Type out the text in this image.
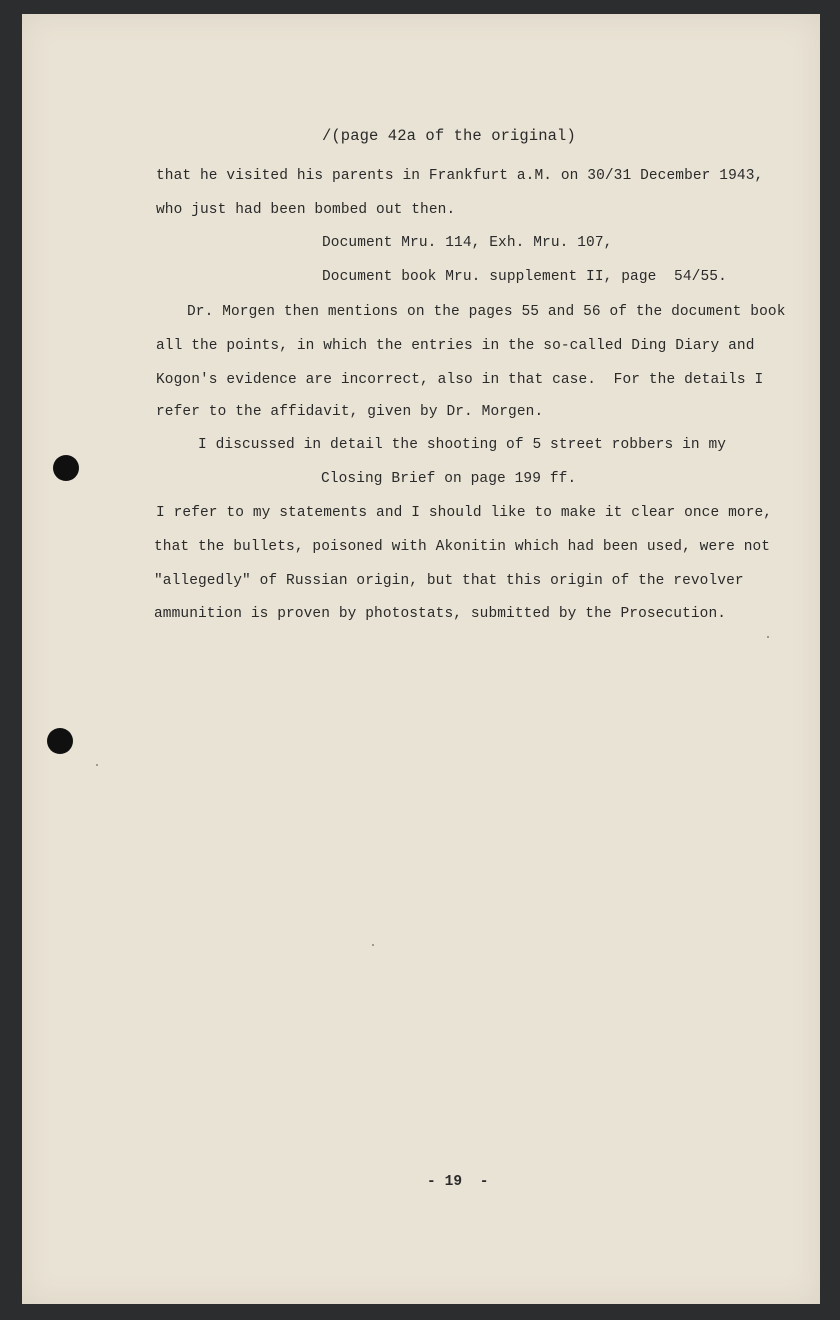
/(page 42a of the original)
that he visited his parents in Frankfurt a.M. on 30/31 December 1943,
who just had been bombed out then.
Document Mru. 114, Exh. Mru. 107,
Document book Mru. supplement II, page  54/55.
Dr. Morgen then mentions on the pages 55 and 56 of the document book
all the points, in which the entries in the so-called Ding Diary and
Kogon's evidence are incorrect, also in that case.  For the details I
refer to the affidavit, given by Dr. Morgen.
I discussed in detail the shooting of 5 street robbers in my
Closing Brief on page 199 ff.
I refer to my statements and I should like to make it clear once more,
that the bullets, poisoned with Akonitin which had been used, were not
"allegedly" of Russian origin, but that this origin of the revolver
ammunition is proven by photostats, submitted by the Prosecution.
- 19  -
